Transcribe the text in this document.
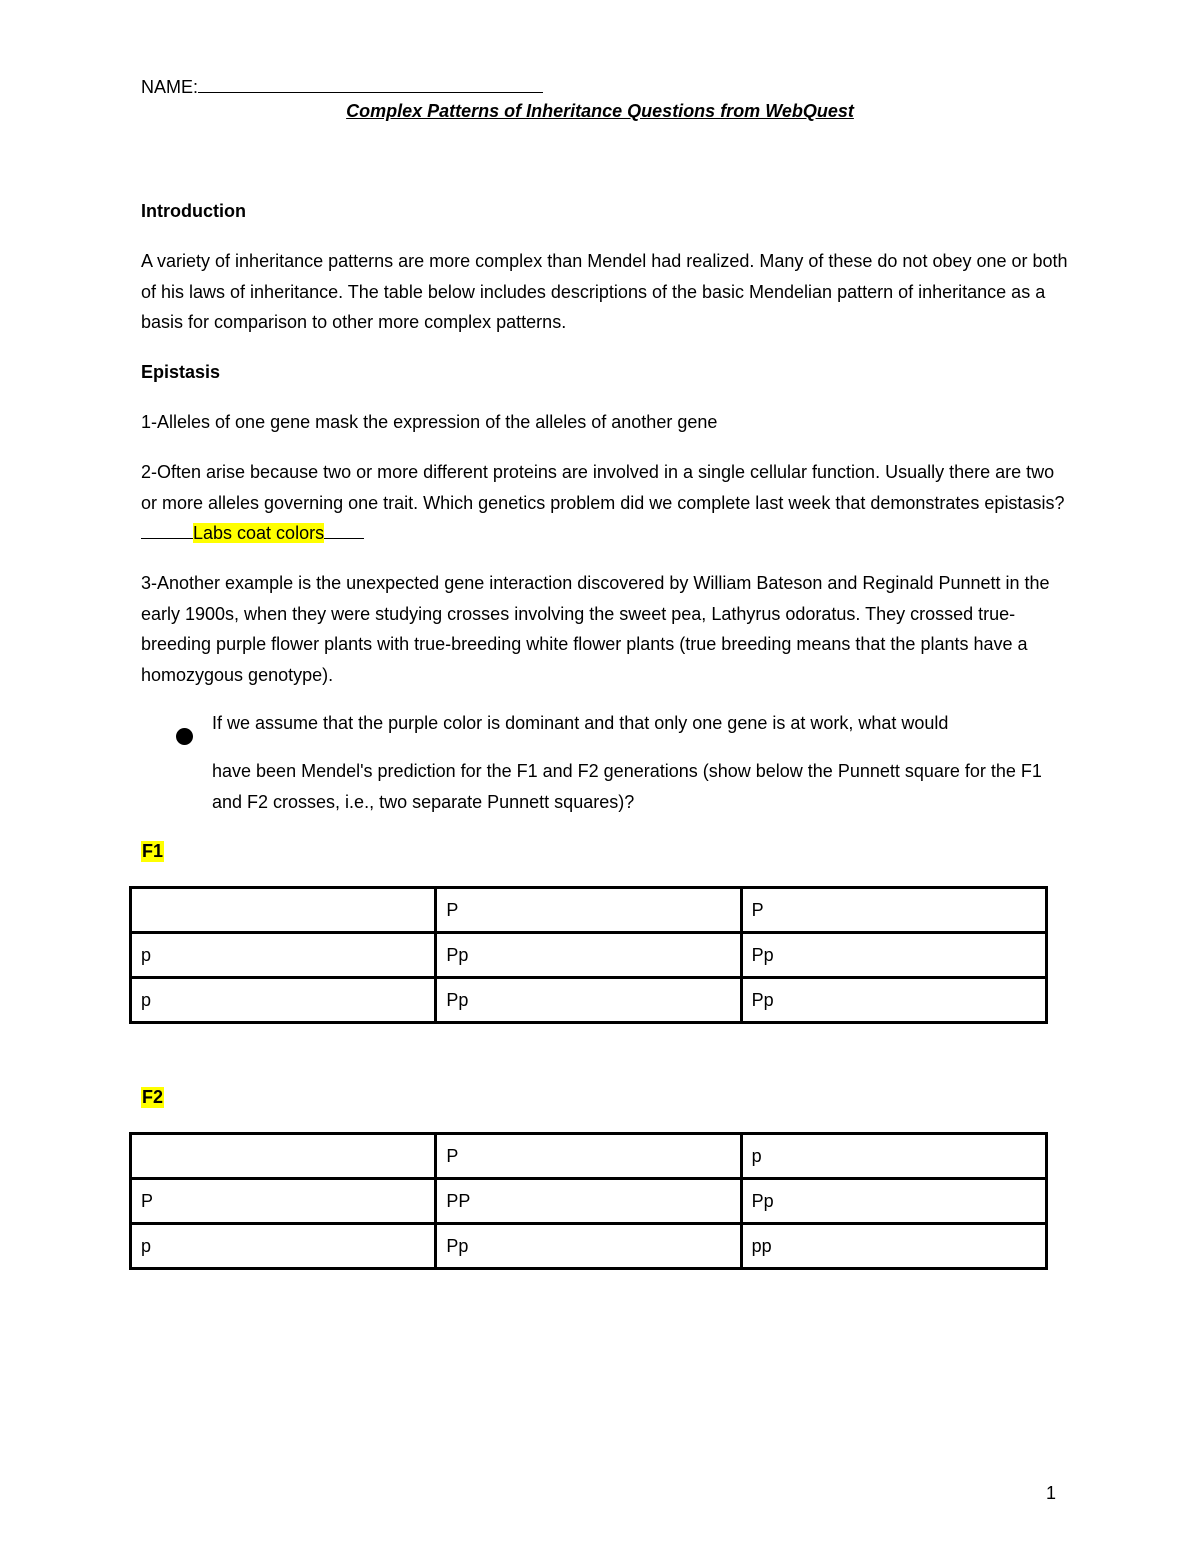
NAME:
Complex Patterns of Inheritance Questions from WebQuest
Introduction
A variety of inheritance patterns are more complex than Mendel had realized. Many of these do not obey one or both of his laws of inheritance. The table below includes descriptions of the basic Mendelian pattern of inheritance as a basis for comparison to other more complex patterns.
Epistasis
1-Alleles of one gene mask the expression of the alleles of another gene
2-Often arise because two or more different proteins are involved in a single cellular function. Usually there are two or more alleles governing one trait. Which genetics problem did we complete last week that demonstrates epistasis? Labs coat colors
3-Another example is the unexpected gene interaction discovered by William Bateson and Reginald Punnett in the early 1900s, when they were studying crosses involving the sweet pea, Lathyrus odoratus. They crossed true-breeding purple flower plants with true-breeding white flower plants (true breeding means that the plants have a homozygous genotype).
If we assume that the purple color is dominant and that only one gene is at work, what would
have been Mendel's prediction for the F1 and F2 generations (show below the Punnett square for the F1 and F2 crosses, i.e., two separate Punnett squares)?
F1
	P	P
p	Pp	Pp
p	Pp	Pp
F2
	P	p
P	PP	Pp
p	Pp	pp
1
